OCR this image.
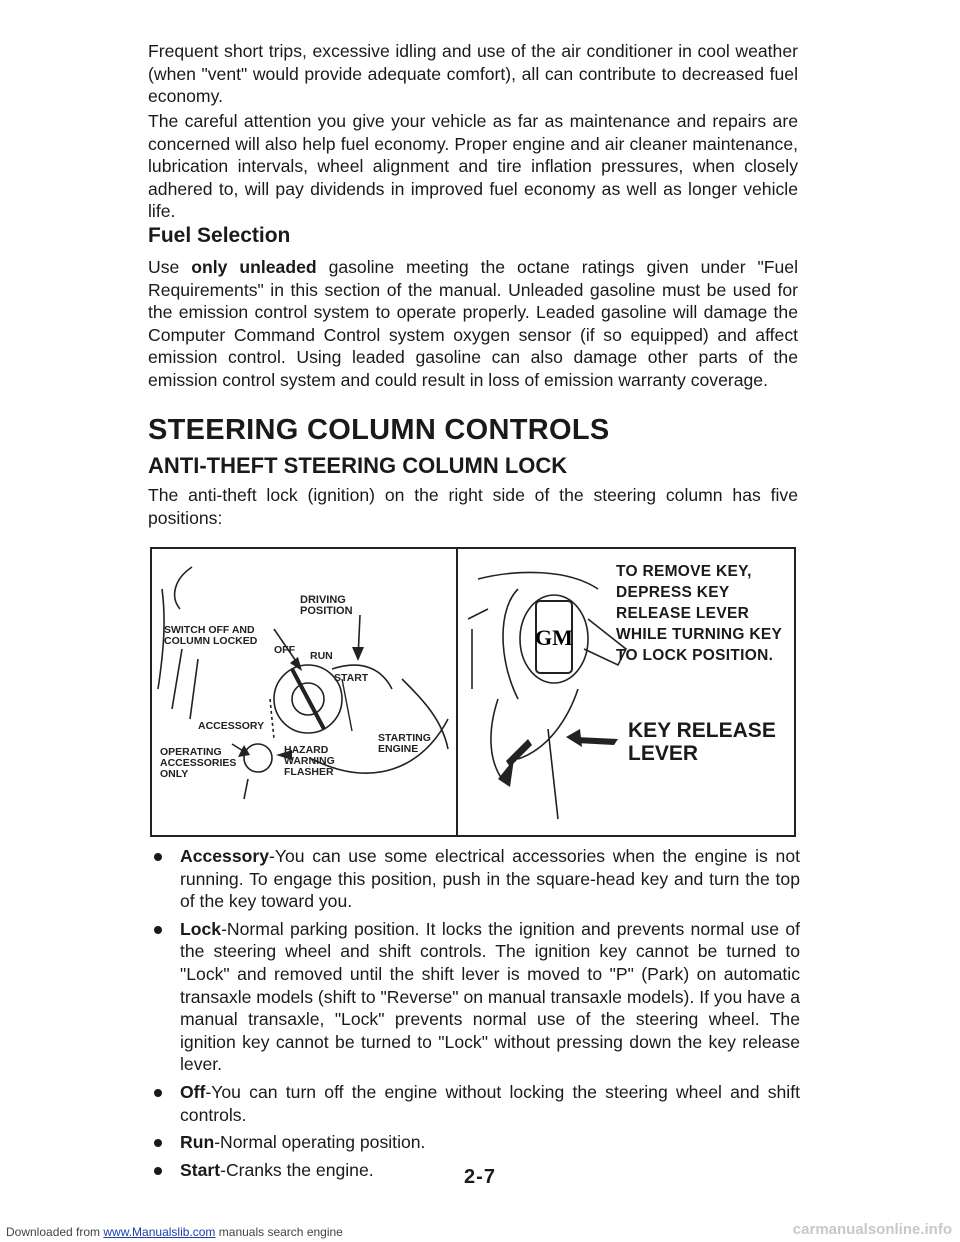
Frequent short trips, excessive idling and use of the air conditioner in cool weather (when "vent" would provide adequate comfort), all can contribute to decreased fuel economy.

The careful attention you give your vehicle as far as maintenance and repairs are concerned will also help fuel economy. Proper engine and air cleaner maintenance, lubrication intervals, wheel alignment and tire inflation pressures, when closely adhered to, will pay dividends in improved fuel economy as well as longer vehicle life.

Fuel Selection

Use only unleaded gasoline meeting the octane ratings given under "Fuel Requirements" in this section of the manual. Unleaded gasoline must be used for the emission control system to operate properly. Leaded gasoline will damage the Computer Command Control system oxygen sensor (if so equipped) and affect emission control. Using leaded gasoline can also damage other parts of the emission control system and could result in loss of emission warranty coverage.

STEERING COLUMN CONTROLS
ANTI-THEFT STEERING COLUMN LOCK

The anti-theft lock (ignition) on the right side of the steering column has five positions:

DRIVING POSITION
SWITCH OFF AND COLUMN LOCKED
OFF RUN
START
ACCESSORY
STARTING ENGINE
OPERATING ACCESSORIES ONLY
HAZARD WARNING FLASHER
GM
TO REMOVE KEY, DEPRESS KEY RELEASE LEVER WHILE TURNING KEY TO LOCK POSITION.
KEY RELEASE LEVER
Accessory-You can use some electrical accessories when the engine is not running. To engage this position, push in the square-head key and turn the top of the key toward you.
Lock-Normal parking position. It locks the ignition and prevents normal use of the steering wheel and shift controls. The ignition key cannot be turned to "Lock" and removed until the shift lever is moved to "P" (Park) on automatic transaxle models (shift to "Reverse" on manual transaxle models). If you have a manual transaxle, "Lock" prevents normal use of the steering wheel. The ignition key cannot be turned to "Lock" without pressing down the key release lever.
Off-You can turn off the engine without locking the steering wheel and shift controls.
Run-Normal operating position.
Start-Cranks the engine.	2-7
Downloaded from www.Manualslib.com manuals search engine	carmanualsonline.info
